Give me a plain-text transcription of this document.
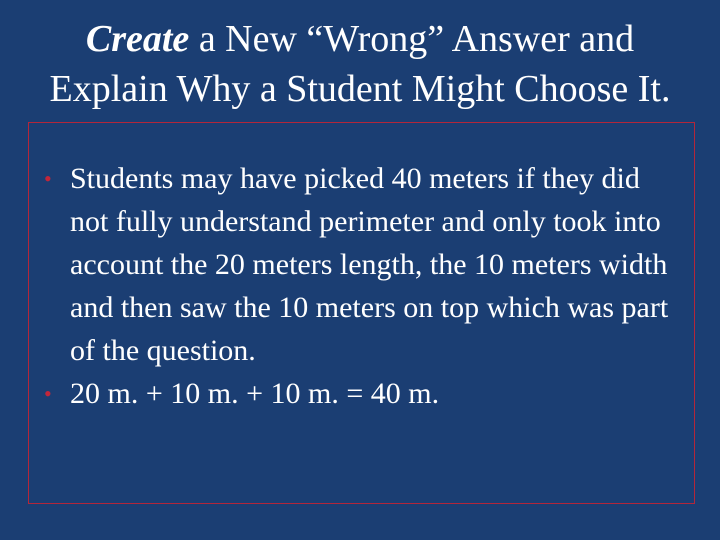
Create a New “Wrong” Answer and
Explain Why a Student Might Choose It.
• Students may have picked 40 meters if they did not fully understand perimeter and only took into account the 20 meters length, the 10 meters width and then saw the 10 meters on top which was part of the question.
• 20 m. + 10 m. + 10 m. = 40 m.
